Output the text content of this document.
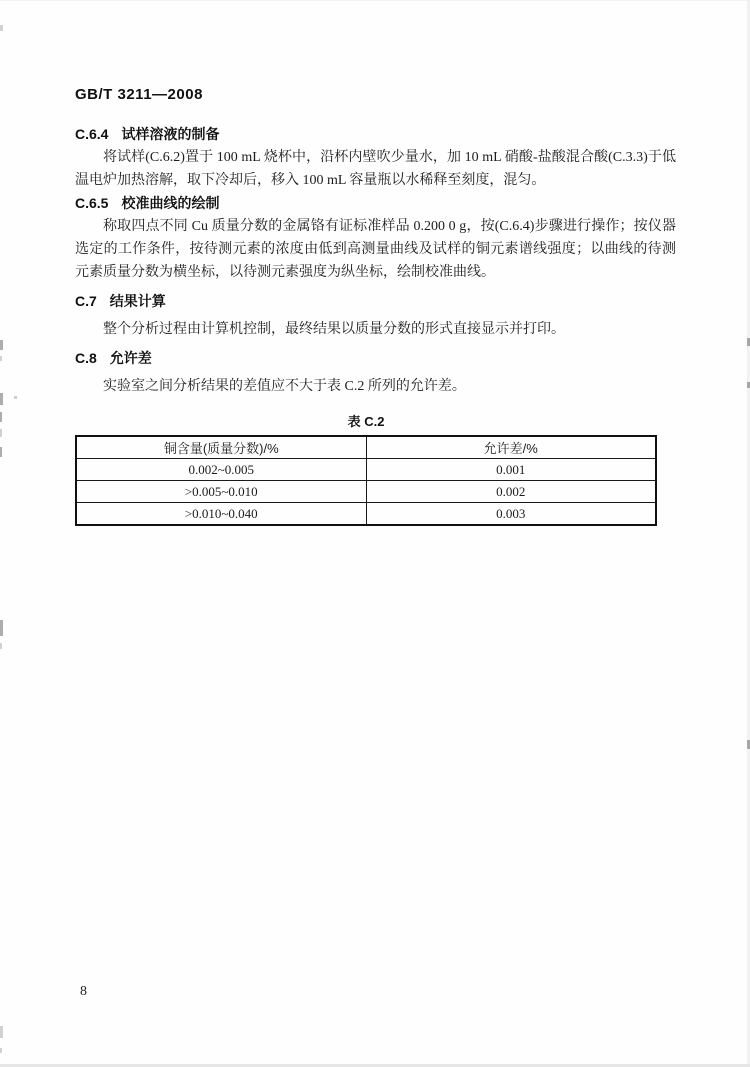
GB/T 3211—2008
C.6.4 试样溶液的制备

将试样(C.6.2)置于 100 mL 烧杯中，沿杯内壁吹少量水，加 10 mL 硝酸-盐酸混合酸(C.3.3)于低温电炉加热溶解，取下冷却后，移入 100 mL 容量瓶以水稀释至刻度，混匀。

C.6.5 校准曲线的绘制

称取四点不同 Cu 质量分数的金属铬有证标准样品 0.200 0 g，按(C.6.4)步骤进行操作；按仪器选定的工作条件，按待测元素的浓度由低到高测量曲线及试样的铜元素谱线强度；以曲线的待测元素质量分数为横坐标，以待测元素强度为纵坐标，绘制校准曲线。

C.7 结果计算

整个分析过程由计算机控制，最终结果以质量分数的形式直接显示并打印。

C.8 允许差

实验室之间分析结果的差值应不大于表 C.2 所列的允许差。

表 C.2
铜含量(质量分数)/%	允许差/%
0.002~0.005	0.001
>0.005~0.010	0.002
>0.010~0.040	0.003
8
